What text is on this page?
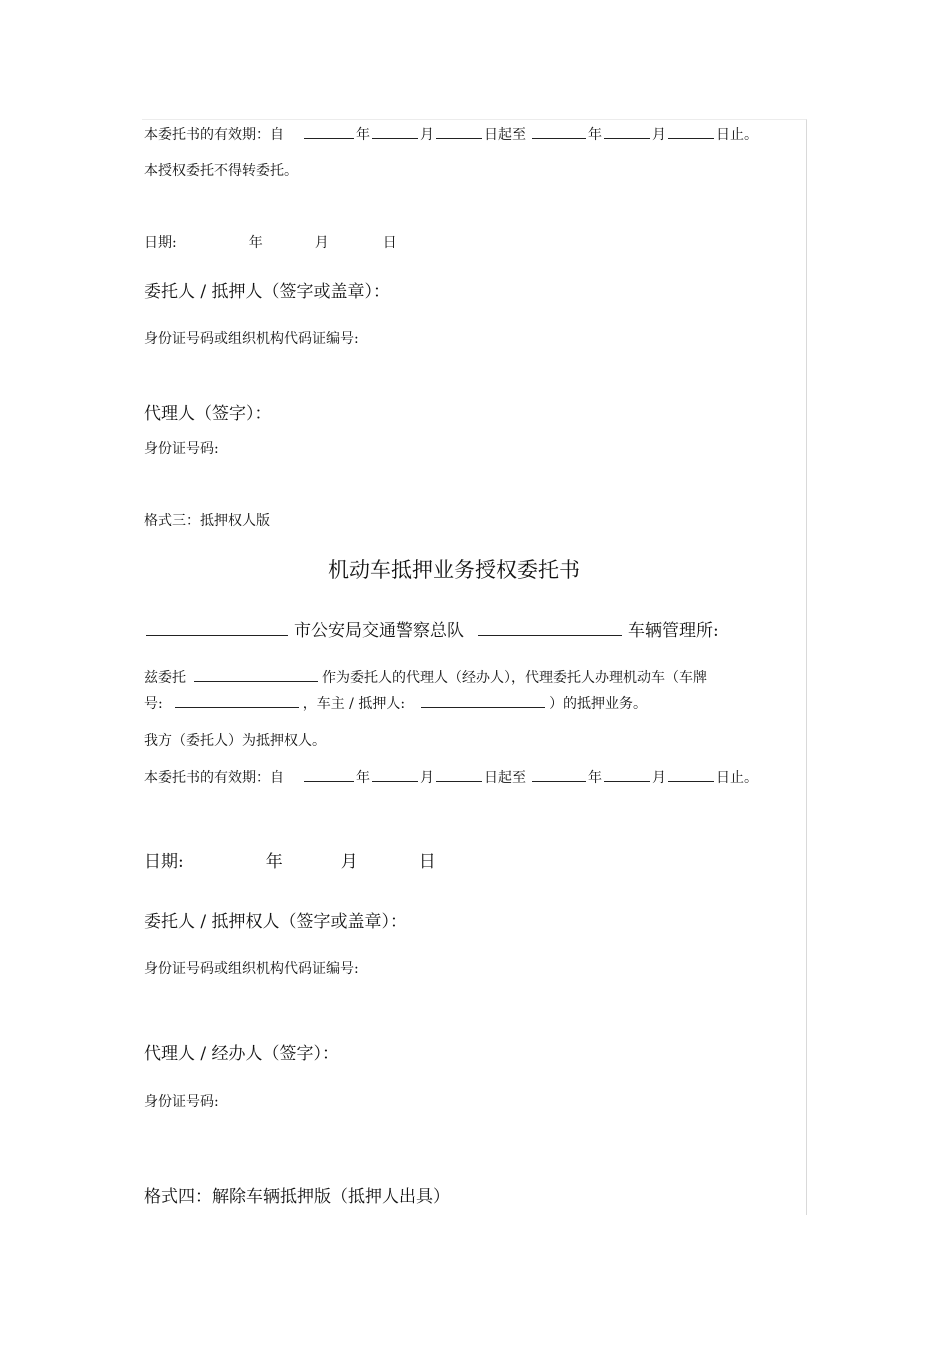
本委托书的有效期：自	年	月	日起至	年	月	日止。
本授权委托不得转委托。
日期:	年	月	日
委托人 / 抵押人（签字或盖章）：
身份证号码或组织机构代码证编号:
代理人（签字）：
身份证号码:
格式三：抵押权人版
机动车抵押业务授权委托书
市公安局交通警察总队	车辆管理所:
兹委托	作为委托人的代理人（经办人），代理委托人办理机动车（车牌
号:	，车主 / 抵押人:	）的抵押业务。
我方（委托人）为抵押权人。
本委托书的有效期：自	年	月	日起至	年	月	日止。
日期:	年	月	日
委托人 / 抵押权人（签字或盖章）：
身份证号码或组织机构代码证编号:
代理人 / 经办人（签字）：
身份证号码:
格式四：解除车辆抵押版（抵押人出具）
